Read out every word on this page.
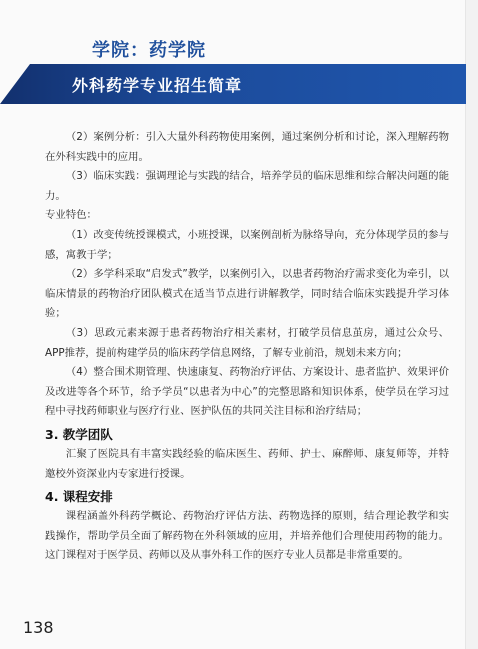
学院：药学院
外科药学专业招生简章

（2）案例分析：引入大量外科药物使用案例，通过案例分析和讨论，深入理解药物在外科实践中的应用。

（3）临床实践：强调理论与实践的结合，培养学员的临床思维和综合解决问题的能力。

专业特色：

（1）改变传统授课模式，小班授课，以案例剖析为脉络导向，充分体现学员的参与感，寓教于学；

（2）多学科采取“启发式”教学，以案例引入，以患者药物治疗需求变化为牵引，以临床情景的药物治疗团队模式在适当节点进行讲解教学，同时结合临床实践提升学习体验；

（3）思政元素来源于患者药物治疗相关素材，打破学员信息茧房，通过公众号、APP推荐，提前构建学员的临床药学信息网络，了解专业前沿，规划未来方向；

（4）整合围术期管理、快速康复、药物治疗评估、方案设计、患者监护、效果评价及改进等各个环节，给予学员“以患者为中心”的完整思路和知识体系，使学员在学习过程中寻找药师职业与医疗行业、医护队伍的共同关注目标和治疗结局；

3. 教学团队

汇聚了医院具有丰富实践经验的临床医生、药师、护士、麻醉师、康复师等，并特邀校外资深业内专家进行授课。

4. 课程安排

课程涵盖外科药学概论、药物治疗评估方法、药物选择的原则，结合理论教学和实践操作，帮助学员全面了解药物在外科领域的应用，并培养他们合理使用药物的能力。这门课程对于医学员、药师以及从事外科工作的医疗专业人员都是非常重要的。

138
